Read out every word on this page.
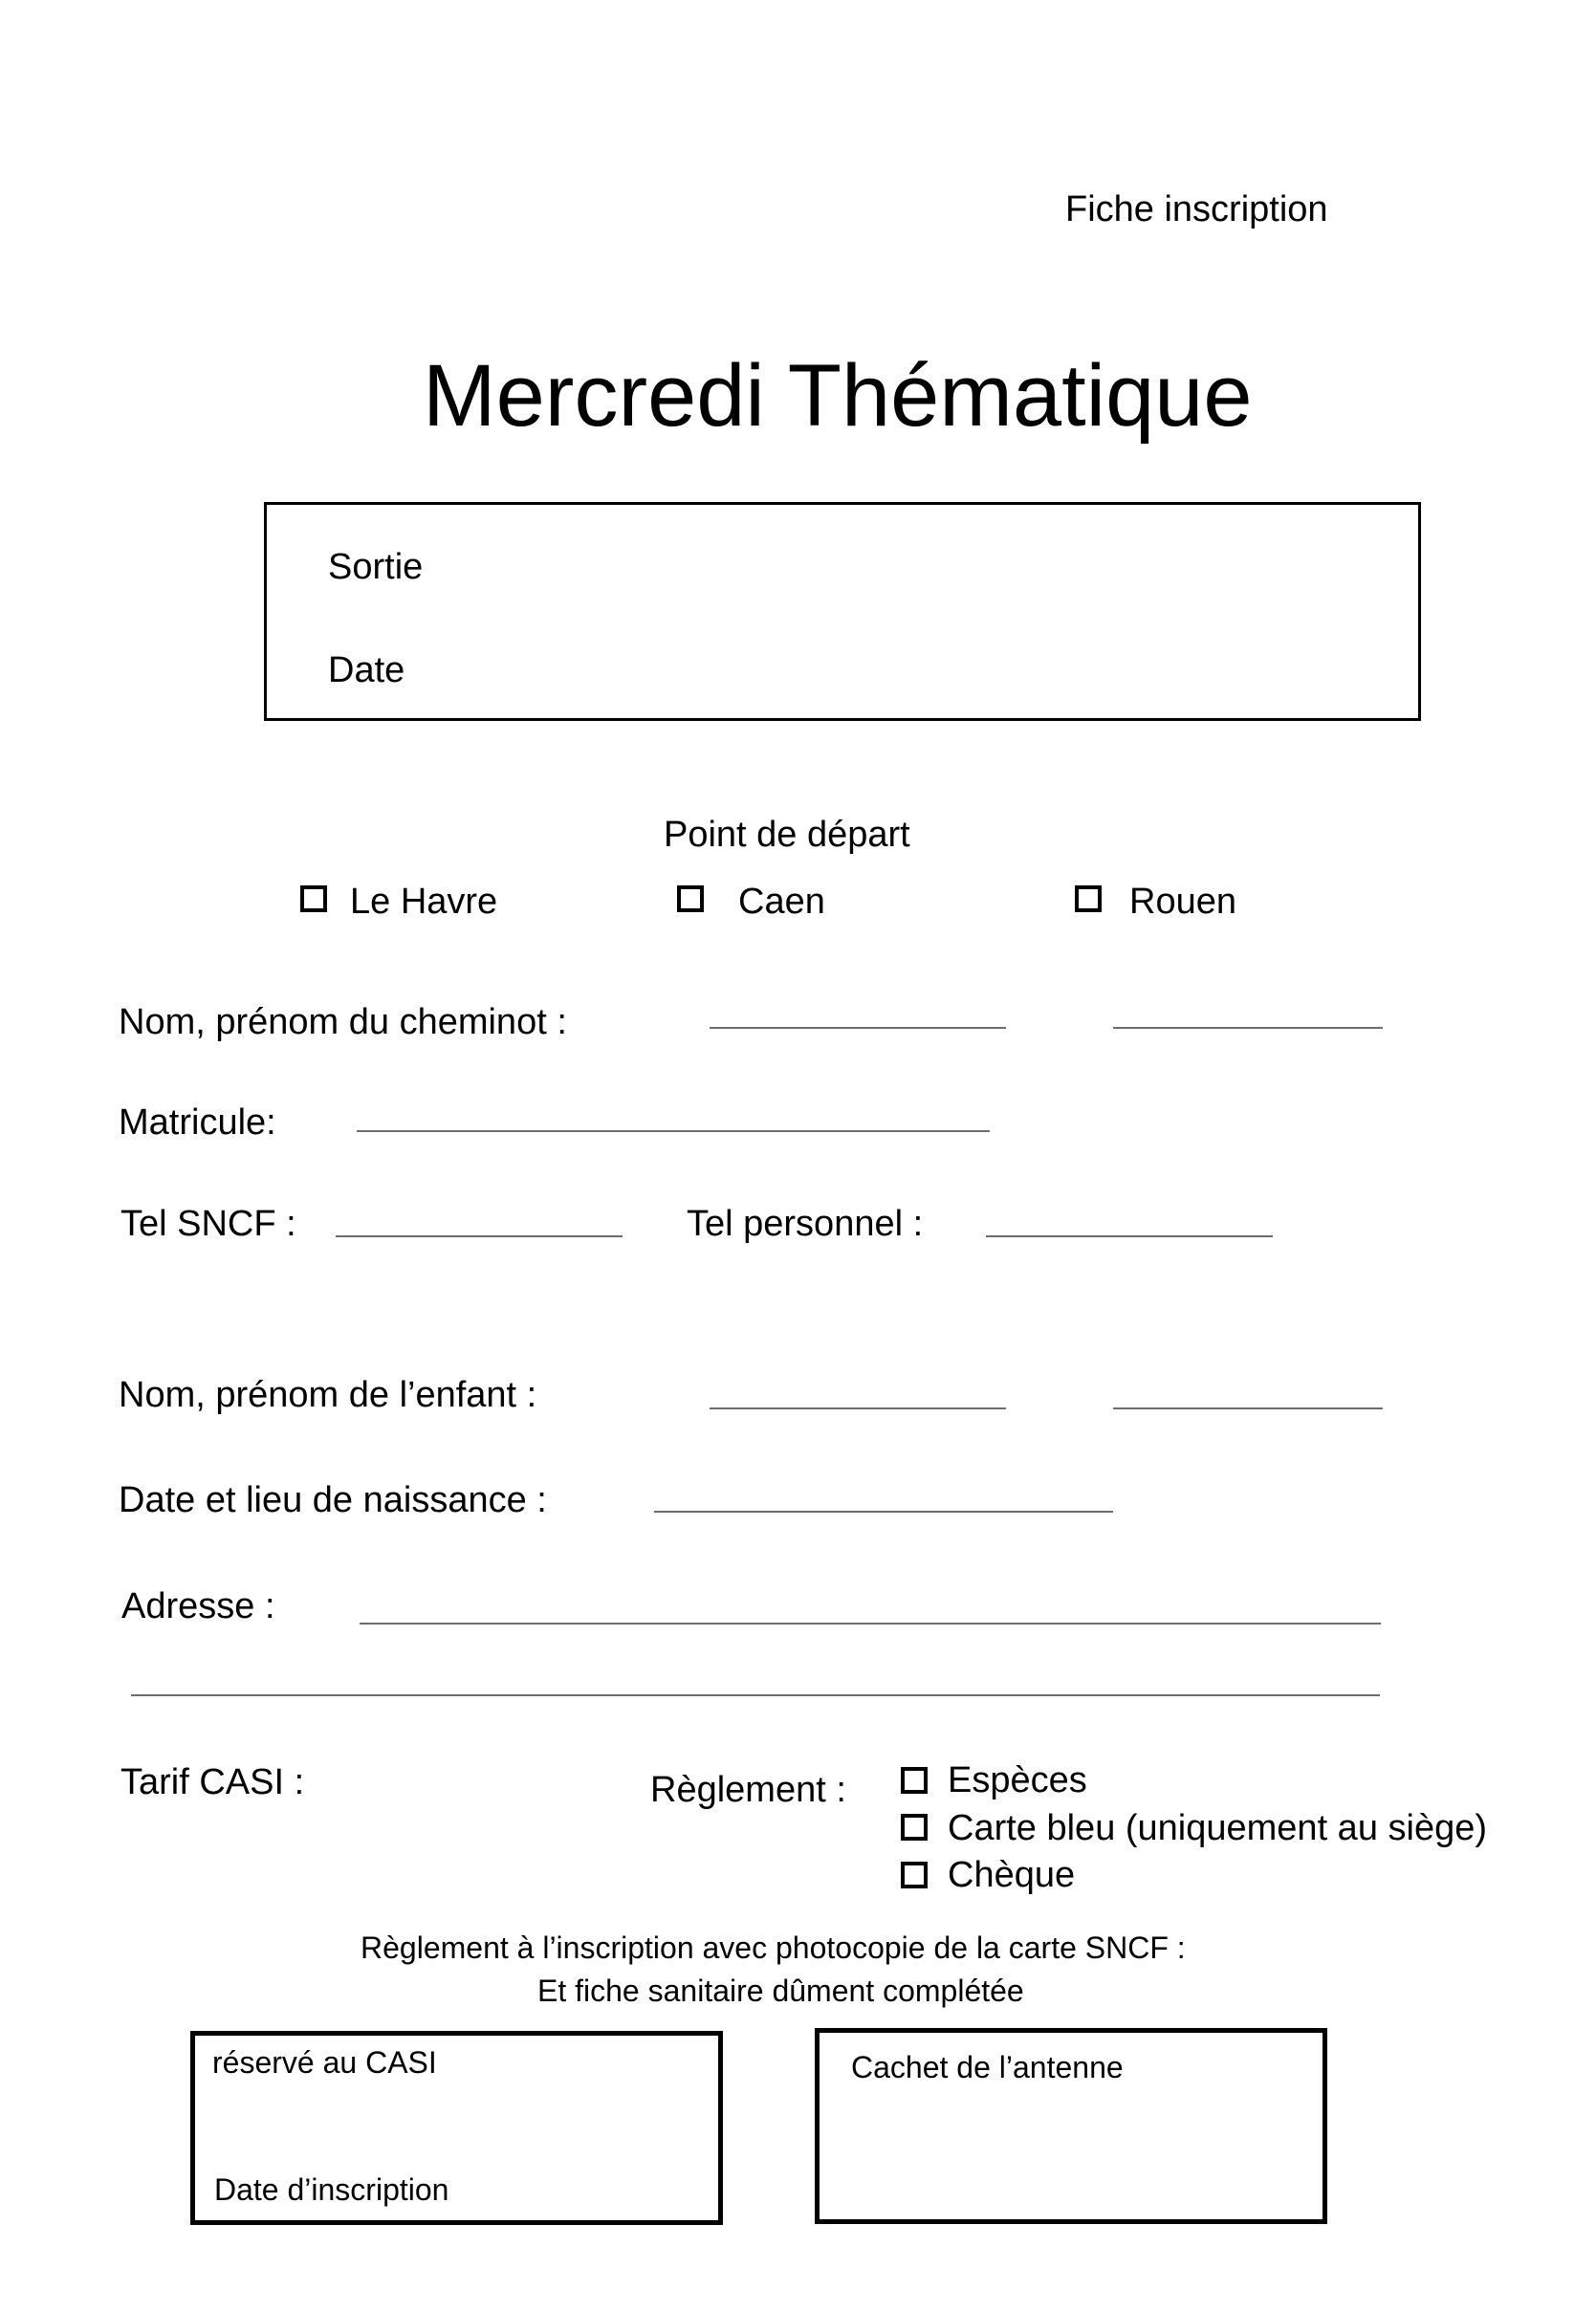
Fiche inscription
Mercredi Thématique
Sortie
Date
Point de départ
Le Havre	Caen	Rouen
Nom, prénom du cheminot :
Matricule:
Tel SNCF :	Tel personnel :
Nom, prénom de l’enfant :
Date et lieu de naissance :
Adresse :
Tarif CASI :	Règlement :	Espèces
Carte bleu (uniquement au siège)
Chèque
Règlement à l’inscription avec photocopie de la carte SNCF :
Et fiche sanitaire dûment complétée
réservé au CASI
Date d’inscription
Cachet de l’antenne
